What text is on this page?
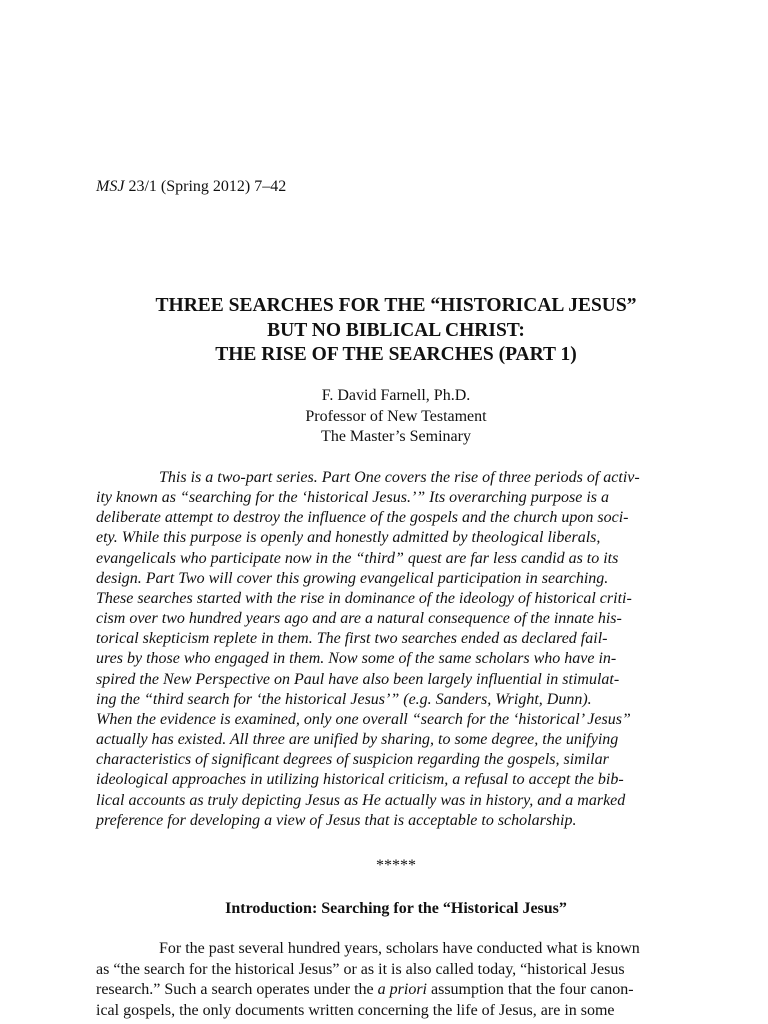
MSJ 23/1 (Spring 2012) 7–42
THREE SEARCHES FOR THE “HISTORICAL JESUS”
BUT NO BIBLICAL CHRIST:
THE RISE OF THE SEARCHES (PART 1)
F. David Farnell, Ph.D.
Professor of New Testament
The Master’s Seminary
This is a two-part series. Part One covers the rise of three periods of activ-
ity known as “searching for the ‘historical Jesus.’” Its overarching purpose is a
deliberate attempt to destroy the influence of the gospels and the church upon soci-
ety. While this purpose is openly and honestly admitted by theological liberals,
evangelicals who participate now in the “third” quest are far less candid as to its
design. Part Two will cover this growing evangelical participation in searching.
These searches started with the rise in dominance of the ideology of historical criti-
cism over two hundred years ago and are a natural consequence of the innate his-
torical skepticism replete in them. The first two searches ended as declared fail-
ures by those who engaged in them. Now some of the same scholars who have in-
spired the New Perspective on Paul have also been largely influential in stimulat-
ing the “third search for ‘the historical Jesus’” (e.g. Sanders, Wright, Dunn).
When the evidence is examined, only one overall “search for the ‘historical’ Jesus”
actually has existed. All three are unified by sharing, to some degree, the unifying
characteristics of significant degrees of suspicion regarding the gospels, similar
ideological approaches in utilizing historical criticism, a refusal to accept the bib-
lical accounts as truly depicting Jesus as He actually was in history, and a marked
preference for developing a view of Jesus that is acceptable to scholarship.
*****
Introduction: Searching for the “Historical Jesus”
For the past several hundred years, scholars have conducted what is known
as “the search for the historical Jesus” or as it is also called today, “historical Jesus
research.” Such a search operates under the a priori assumption that the four canon-
ical gospels, the only documents written concerning the life of Jesus, are in some
